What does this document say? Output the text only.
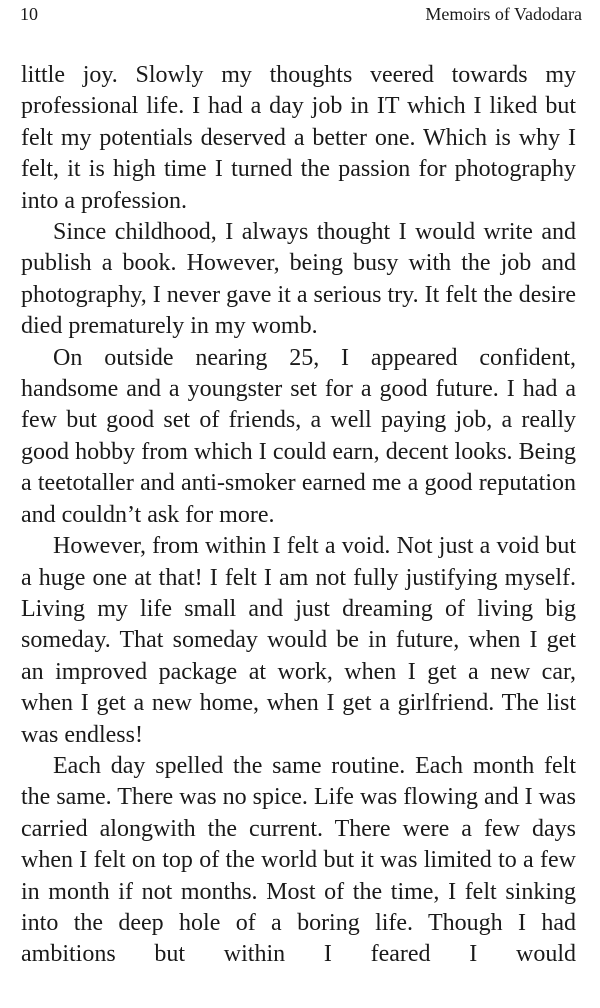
10	Memoirs of Vadodara

little joy. Slowly my thoughts veered towards my professional life. I had a day job in IT which I liked but felt my potentials deserved a better one. Which is why I felt, it is high time I turned the passion for photography into a profession.

Since childhood, I always thought I would write and publish a book. However, being busy with the job and photography, I never gave it a serious try. It felt the desire died prematurely in my womb.

On outside nearing 25, I appeared confident, handsome and a youngster set for a good future. I had a few but good set of friends, a well paying job, a really good hobby from which I could earn, decent looks. Being a teetotaller and anti-smoker earned me a good reputation and couldn’t ask for more.

However, from within I felt a void. Not just a void but a huge one at that! I felt I am not fully justifying myself. Living my life small and just dreaming of living big someday. That someday would be in future, when I get an improved package at work, when I get a new car, when I get a new home, when I get a girlfriend. The list was endless!

Each day spelled the same routine. Each month felt the same. There was no spice. Life was flowing and I was carried alongwith the current. There were a few days when I felt on top of the world but it was limited to a few in month if not months. Most of the time, I felt sinking into the deep hole of a boring life. Though I had ambitions but within I feared I would
